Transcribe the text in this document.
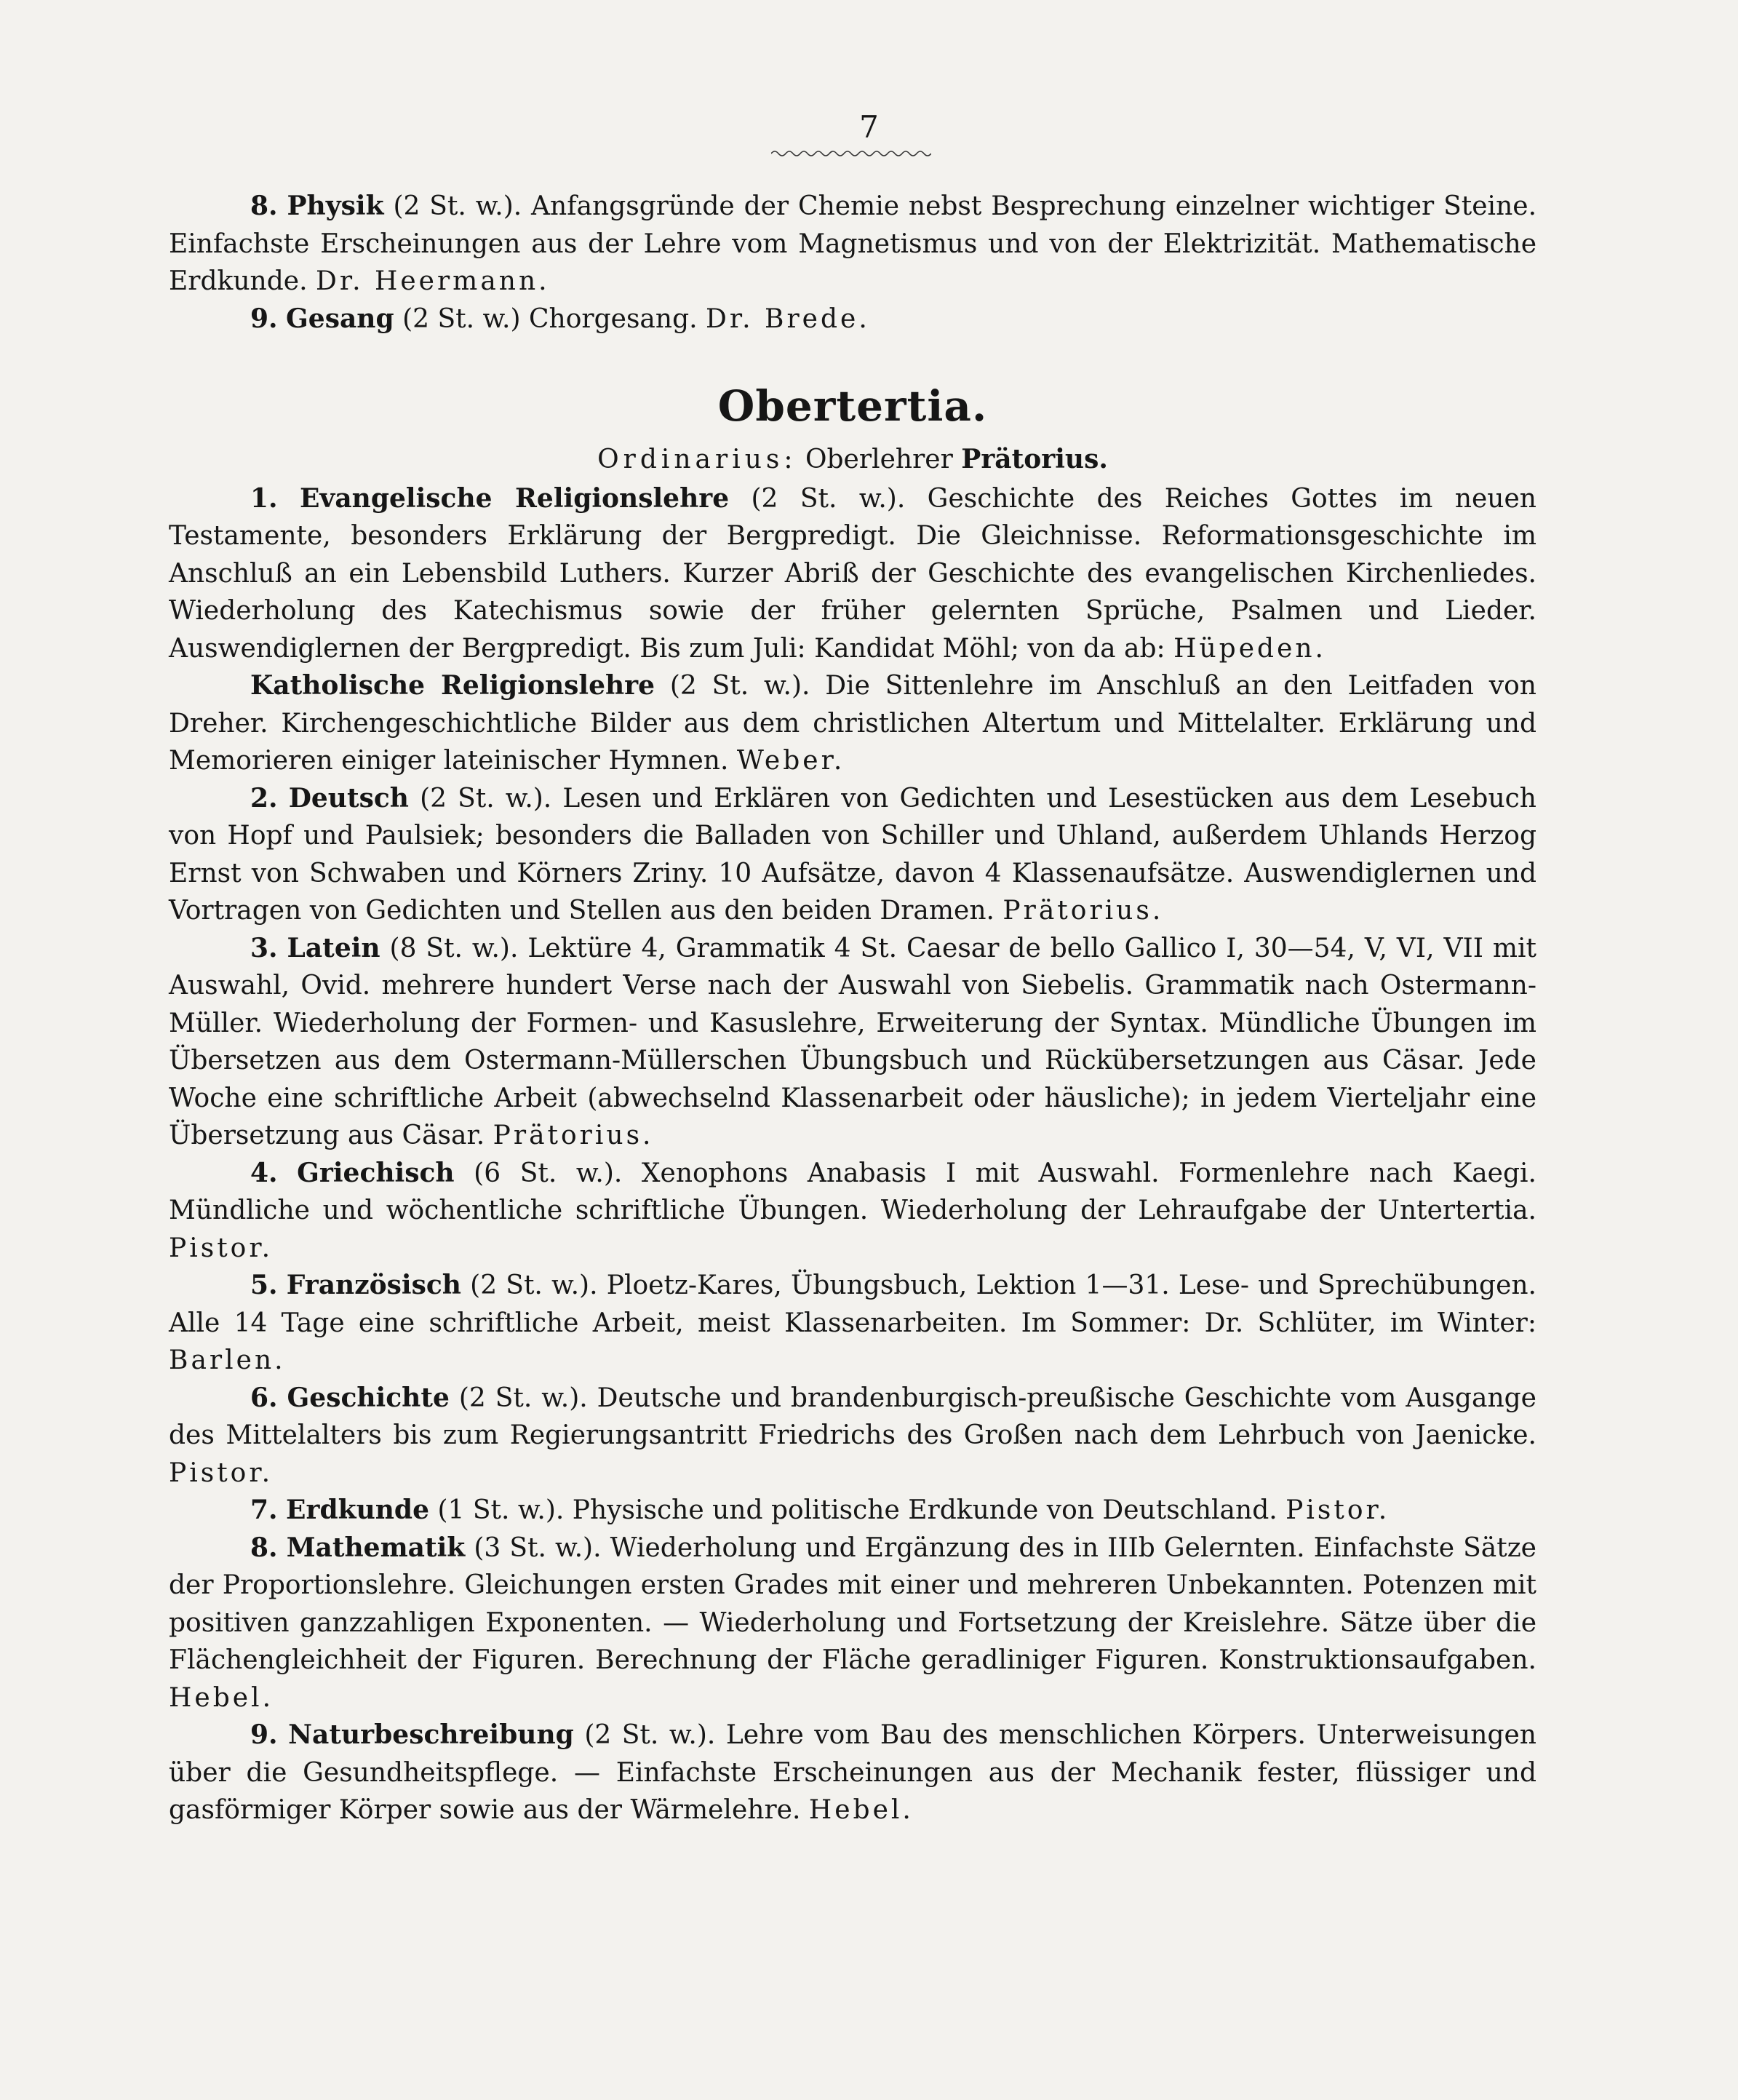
7

8. Physik (2 St. w.). Anfangsgründe der Chemie nebst Besprechung einzelner wichtiger Steine. Einfachste Erscheinungen aus der Lehre vom Magnetismus und von der Elektrizität. Mathematische Erdkunde. Dr. Heermann.

9. Gesang (2 St. w.) Chorgesang. Dr. Brede.

Obertertia.
Ordinarius: Oberlehrer Prätorius.

1. Evangelische Religionslehre (2 St. w.). Geschichte des Reiches Gottes im neuen Testamente, besonders Erklärung der Bergpredigt. Die Gleichnisse. Reformationsgeschichte im Anschluß an ein Lebensbild Luthers. Kurzer Abriß der Geschichte des evangelischen Kirchenliedes. Wiederholung des Katechismus sowie der früher gelernten Sprüche, Psalmen und Lieder. Auswendiglernen der Bergpredigt. Bis zum Juli: Kandidat Möhl; von da ab: Hüpeden.

Katholische Religionslehre (2 St. w.). Die Sittenlehre im Anschluß an den Leitfaden von Dreher. Kirchengeschichtliche Bilder aus dem christlichen Altertum und Mittelalter. Erklärung und Memorieren einiger lateinischer Hymnen. Weber.

2. Deutsch (2 St. w.). Lesen und Erklären von Gedichten und Lesestücken aus dem Lesebuch von Hopf und Paulsiek; besonders die Balladen von Schiller und Uhland, außerdem Uhlands Herzog Ernst von Schwaben und Körners Zriny. 10 Aufsätze, davon 4 Klassenaufsätze. Auswendiglernen und Vortragen von Gedichten und Stellen aus den beiden Dramen. Prätorius.

3. Latein (8 St. w.). Lektüre 4, Grammatik 4 St. Caesar de bello Gallico I, 30—54, V, VI, VII mit Auswahl, Ovid. mehrere hundert Verse nach der Auswahl von Siebelis. Grammatik nach Ostermann-Müller. Wiederholung der Formen- und Kasuslehre, Erweiterung der Syntax. Mündliche Übungen im Übersetzen aus dem Ostermann-Müllerschen Übungsbuch und Rückübersetzungen aus Cäsar. Jede Woche eine schriftliche Arbeit (abwechselnd Klassenarbeit oder häusliche); in jedem Vierteljahr eine Übersetzung aus Cäsar. Prätorius.

4. Griechisch (6 St. w.). Xenophons Anabasis I mit Auswahl. Formenlehre nach Kaegi. Mündliche und wöchentliche schriftliche Übungen. Wiederholung der Lehraufgabe der Untertertia. Pistor.

5. Französisch (2 St. w.). Ploetz-Kares, Übungsbuch, Lektion 1—31. Lese- und Sprechübungen. Alle 14 Tage eine schriftliche Arbeit, meist Klassenarbeiten. Im Sommer: Dr. Schlüter, im Winter: Barlen.

6. Geschichte (2 St. w.). Deutsche und brandenburgisch-preußische Geschichte vom Ausgange des Mittelalters bis zum Regierungsantritt Friedrichs des Großen nach dem Lehrbuch von Jaenicke. Pistor.

7. Erdkunde (1 St. w.). Physische und politische Erdkunde von Deutschland. Pistor.

8. Mathematik (3 St. w.). Wiederholung und Ergänzung des in IIIb Gelernten. Einfachste Sätze der Proportionslehre. Gleichungen ersten Grades mit einer und mehreren Unbekannten. Potenzen mit positiven ganzzahligen Exponenten. — Wiederholung und Fortsetzung der Kreislehre. Sätze über die Flächengleichheit der Figuren. Berechnung der Fläche geradliniger Figuren. Konstruktionsaufgaben. Hebel.

9. Naturbeschreibung (2 St. w.). Lehre vom Bau des menschlichen Körpers. Unterweisungen über die Gesundheitspflege. — Einfachste Erscheinungen aus der Mechanik fester, flüssiger und gasförmiger Körper sowie aus der Wärmelehre. Hebel.
